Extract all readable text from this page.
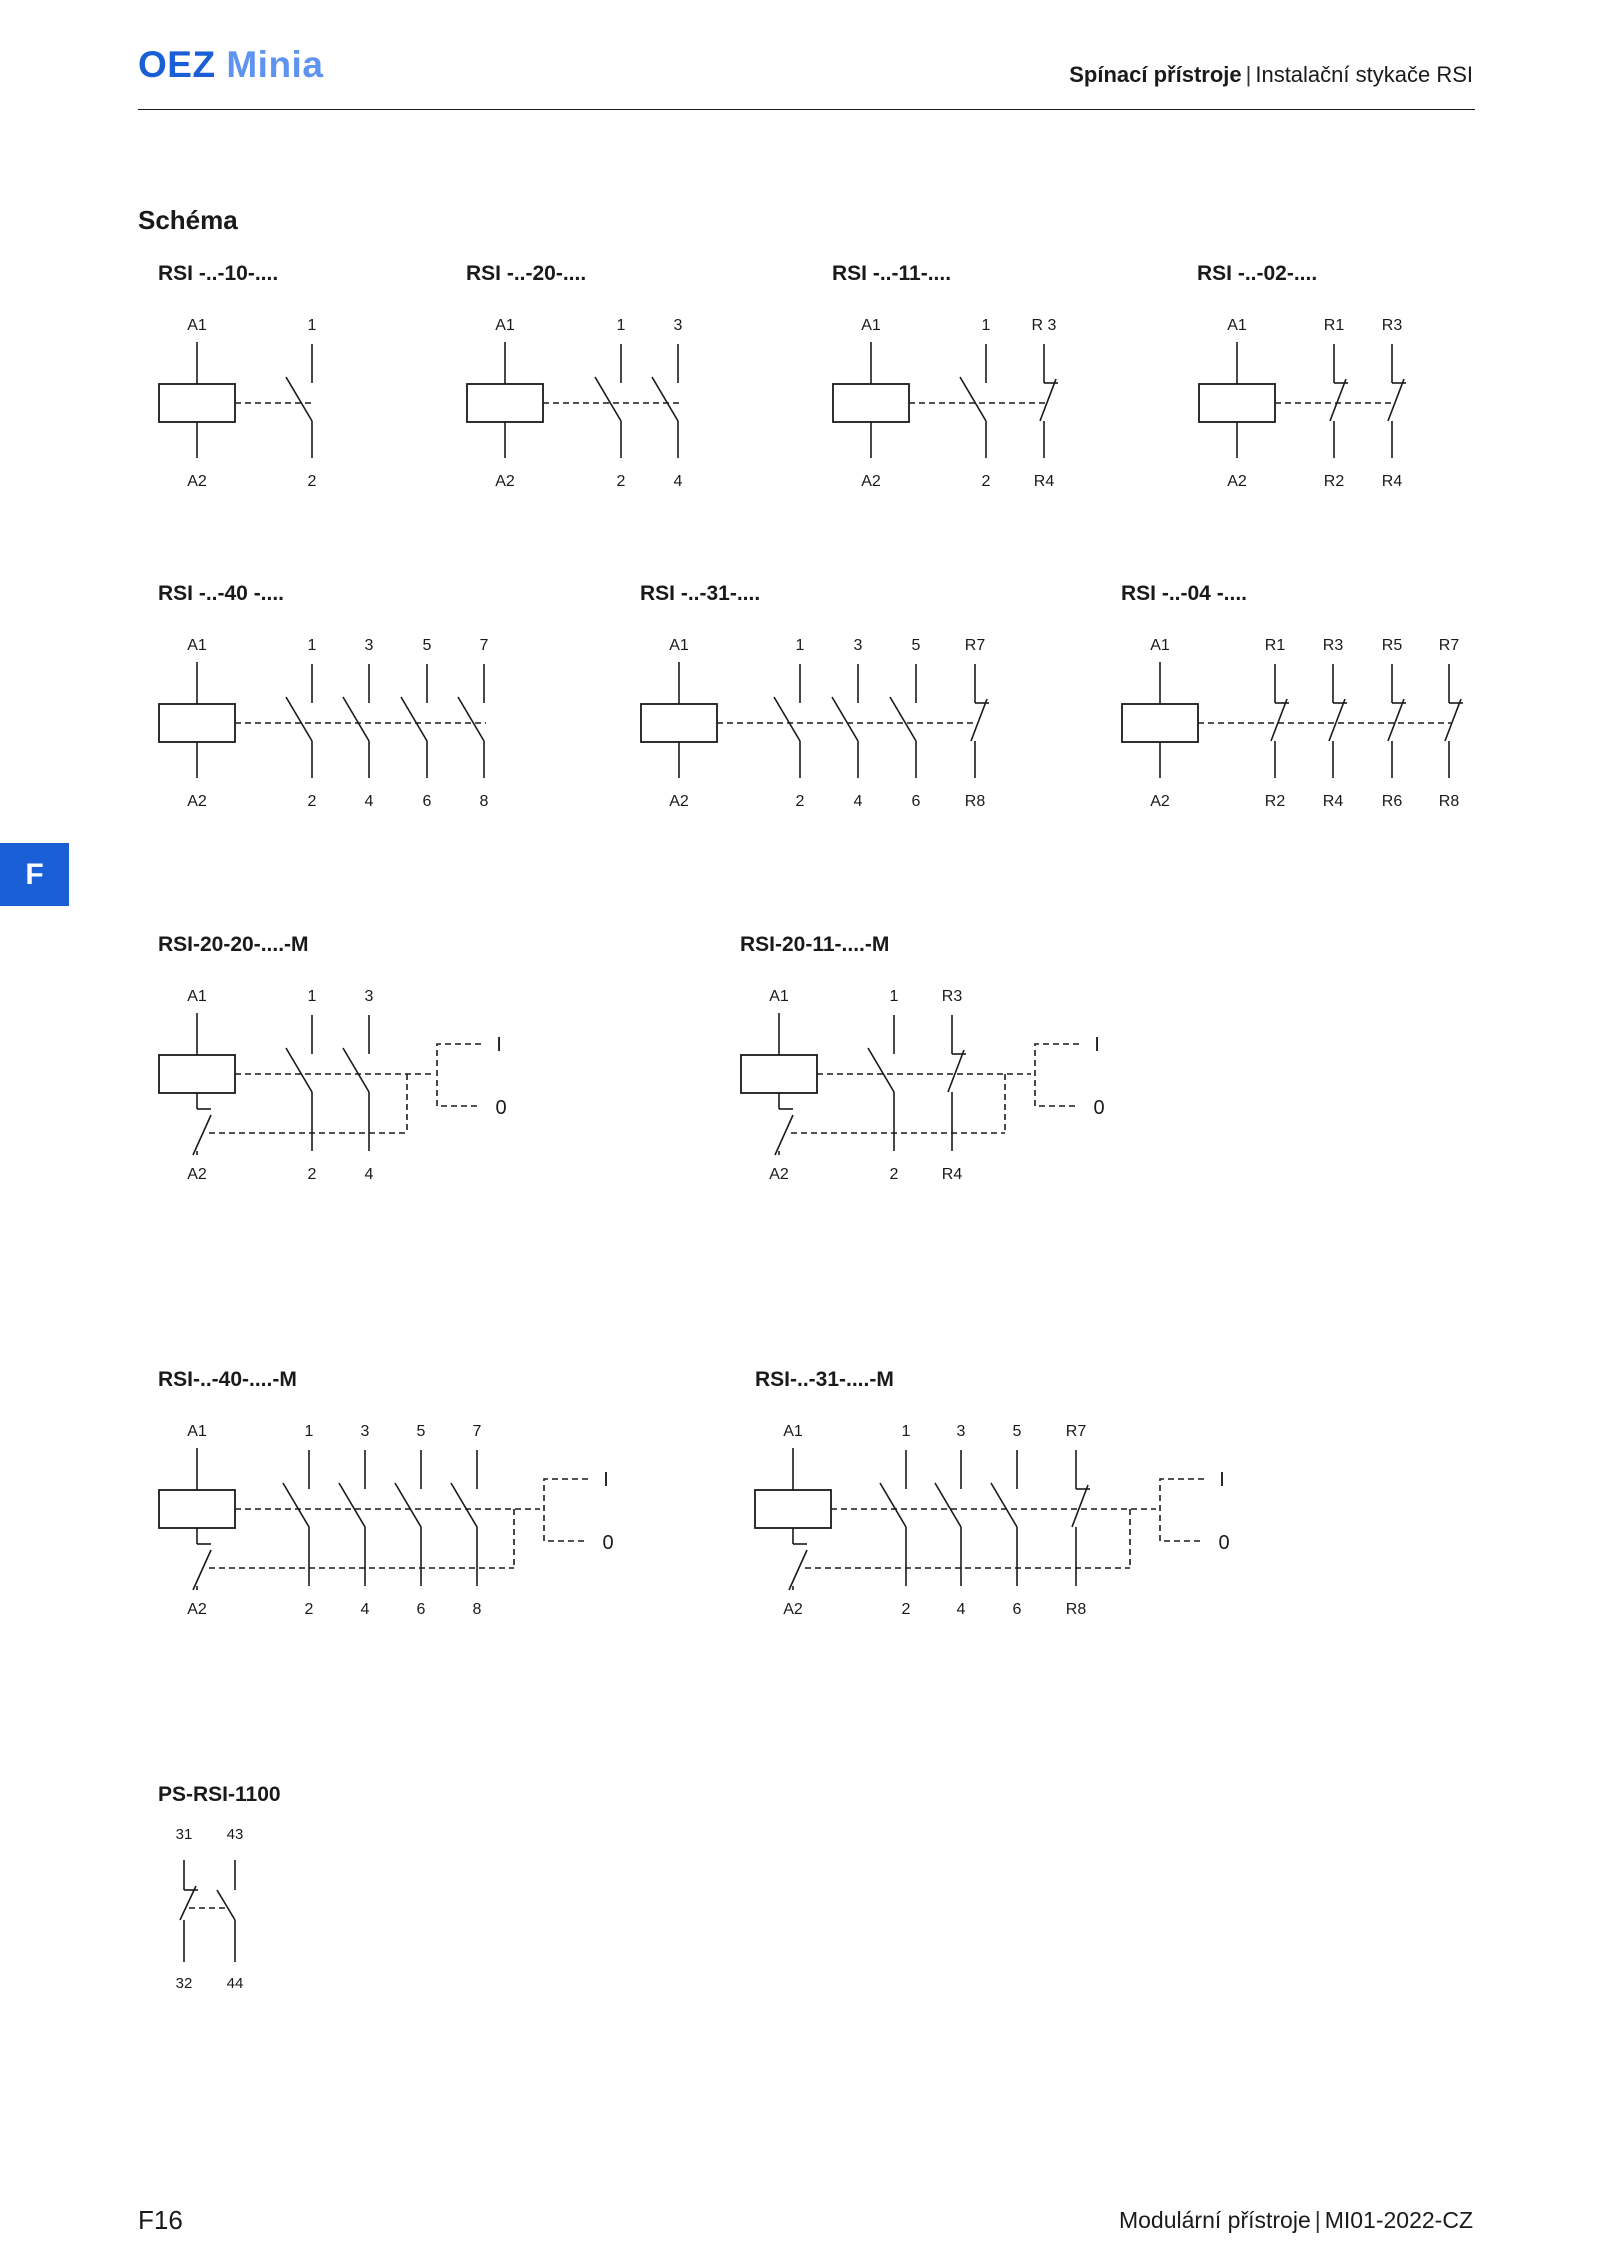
OEZ Minia	Spínací přístroje | Instalační stykače RSI
Schéma
F
RSI -..-10-....
A1
A2
1
2
RSI -..-20-....
A1
A2
1
2
3
4
RSI -..-11-....
A1
A2
1
2
R 3
R4
RSI -..-02-....
A1
A2
R1
R2
R3
R4
RSI -..-40 -....
A1
A2
1
2
3
4
5
6
7
8
RSI -..-31-....
A1
A2
1
2
3
4
5
6
R7
R8
RSI -..-04 -....
A1
A2
R1
R2
R3
R4
R5
R6
R7
R8
RSI-20-20-....-M
A1
A2
1
2
3
4
I
0
RSI-20-11-....-M
A1
A2
1
2
R3
R4
I
0
RSI-..-40-....-M
A1
A2
1
2
3
4
5
6
7
8
I
0
RSI-..-31-....-M
A1
A2
1
2
3
4
5
6
R7
R8
I
0
PS-RSI-1100
31
32
43
44
F16	Modulární přístroje | MI01-2022-CZ
